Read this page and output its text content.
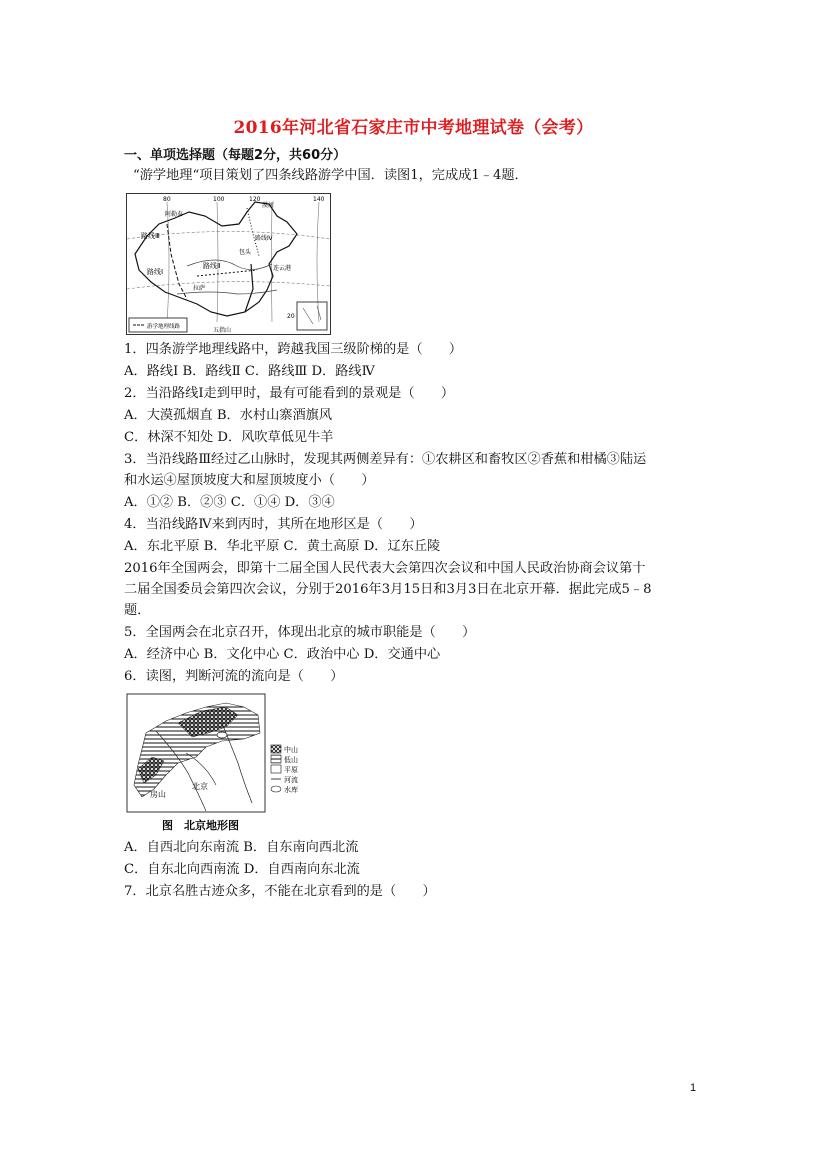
2016年河北省石家庄市中考地理试卷（会考）
一、单项选择题（每题2分，共60分）
“游学地理“项目策划了四条线路游学中国．读图1，完成成1﹣4题．
80	100	120	140
漠河
阿勒泰
路线Ⅲ	路线Ⅳ
路线Ⅱ
路线Ⅰ
包头
连云港
拉萨
五指山
游学地理线路
20
1．四条游学地理线路中，跨越我国三级阶梯的是（　　）
A．路线Ⅰ B．路线Ⅱ C．路线Ⅲ D．路线Ⅳ
2．当沿路线Ⅰ走到甲时，最有可能看到的景观是（　　）
A．大漠孤烟直 B．水村山寨酒旗风
C．林深不知处 D．风吹草低见牛羊
3．当沿线路Ⅲ经过乙山脉时，发现其两侧差异有：①农耕区和畜牧区②香蕉和柑橘③陆运
和水运④屋顶坡度大和屋顶坡度小（　　）
A．①② B．②③ C．①④ D．③④
4．当沿线路Ⅳ来到丙时，其所在地形区是（　　）
A．东北平原 B．华北平原 C．黄土高原 D．辽东丘陵
2016年全国两会，即第十二届全国人民代表大会第四次会议和中国人民政治协商会议第十
二届全国委员会第四次会议，分别于2016年3月15日和3月3日在北京开幕．据此完成5﹣8
题．
5．全国两会在北京召开，体现出北京的城市职能是（　　）
A．经济中心 B．文化中心 C．政治中心 D．交通中心
6．读图，判断河流的流向是（　　）
北京
房山
中山
低山
平原
河流
水库
图　北京地形图
A．自西北向东南流 B．自东南向西北流
C．自东北向西南流 D．自西南向东北流
7．北京名胜古迹众多，不能在北京看到的是（　　）
1
